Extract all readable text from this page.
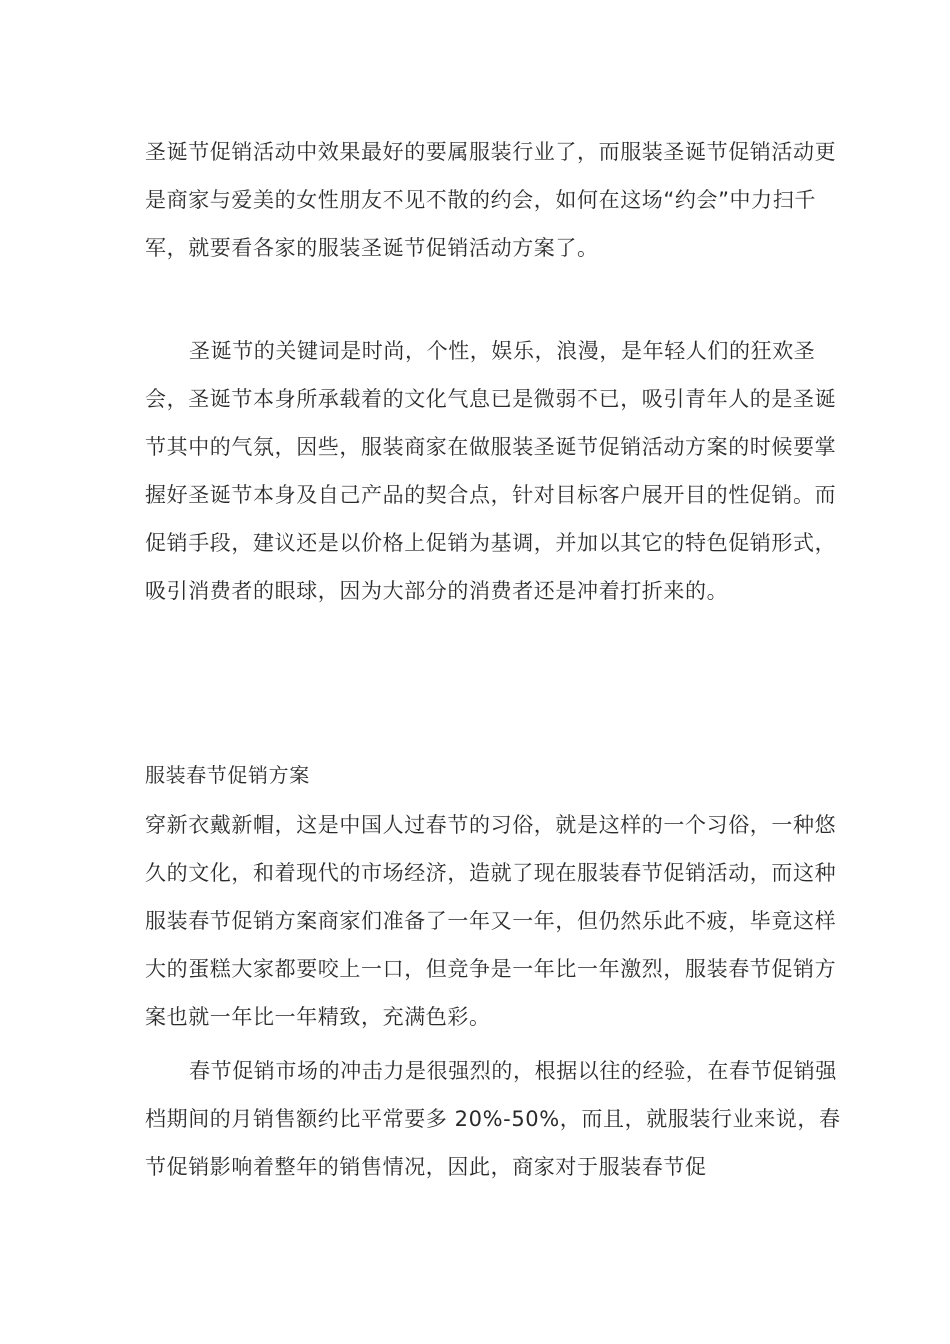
圣诞节促销活动中效果最好的要属服装行业了，而服装圣诞节促销活动更是商家与爱美的女性朋友不见不散的约会，如何在这场“约会”中力扫千军，就要看各家的服装圣诞节促销活动方案了。

圣诞节的关键词是时尚，个性，娱乐，浪漫，是年轻人们的狂欢圣会，圣诞节本身所承载着的文化气息已是微弱不已，吸引青年人的是圣诞节其中的气氛，因些，服装商家在做服装圣诞节促销活动方案的时候要掌握好圣诞节本身及自己产品的契合点，针对目标客户展开目的性促销。而促销手段，建议还是以价格上促销为基调，并加以其它的特色促销形式，吸引消费者的眼球，因为大部分的消费者还是冲着打折来的。

服装春节促销方案

穿新衣戴新帽，这是中国人过春节的习俗，就是这样的一个习俗，一种悠久的文化，和着现代的市场经济，造就了现在服装春节促销活动，而这种服装春节促销方案商家们准备了一年又一年，但仍然乐此不疲，毕竟这样大的蛋糕大家都要咬上一口，但竞争是一年比一年激烈，服装春节促销方案也就一年比一年精致，充满色彩。

春节促销市场的冲击力是很强烈的，根据以往的经验，在春节促销强档期间的月销售额约比平常要多 20%-50%，而且，就服装行业来说，春节促销影响着整年的销售情况，因此，商家对于服装春节促
